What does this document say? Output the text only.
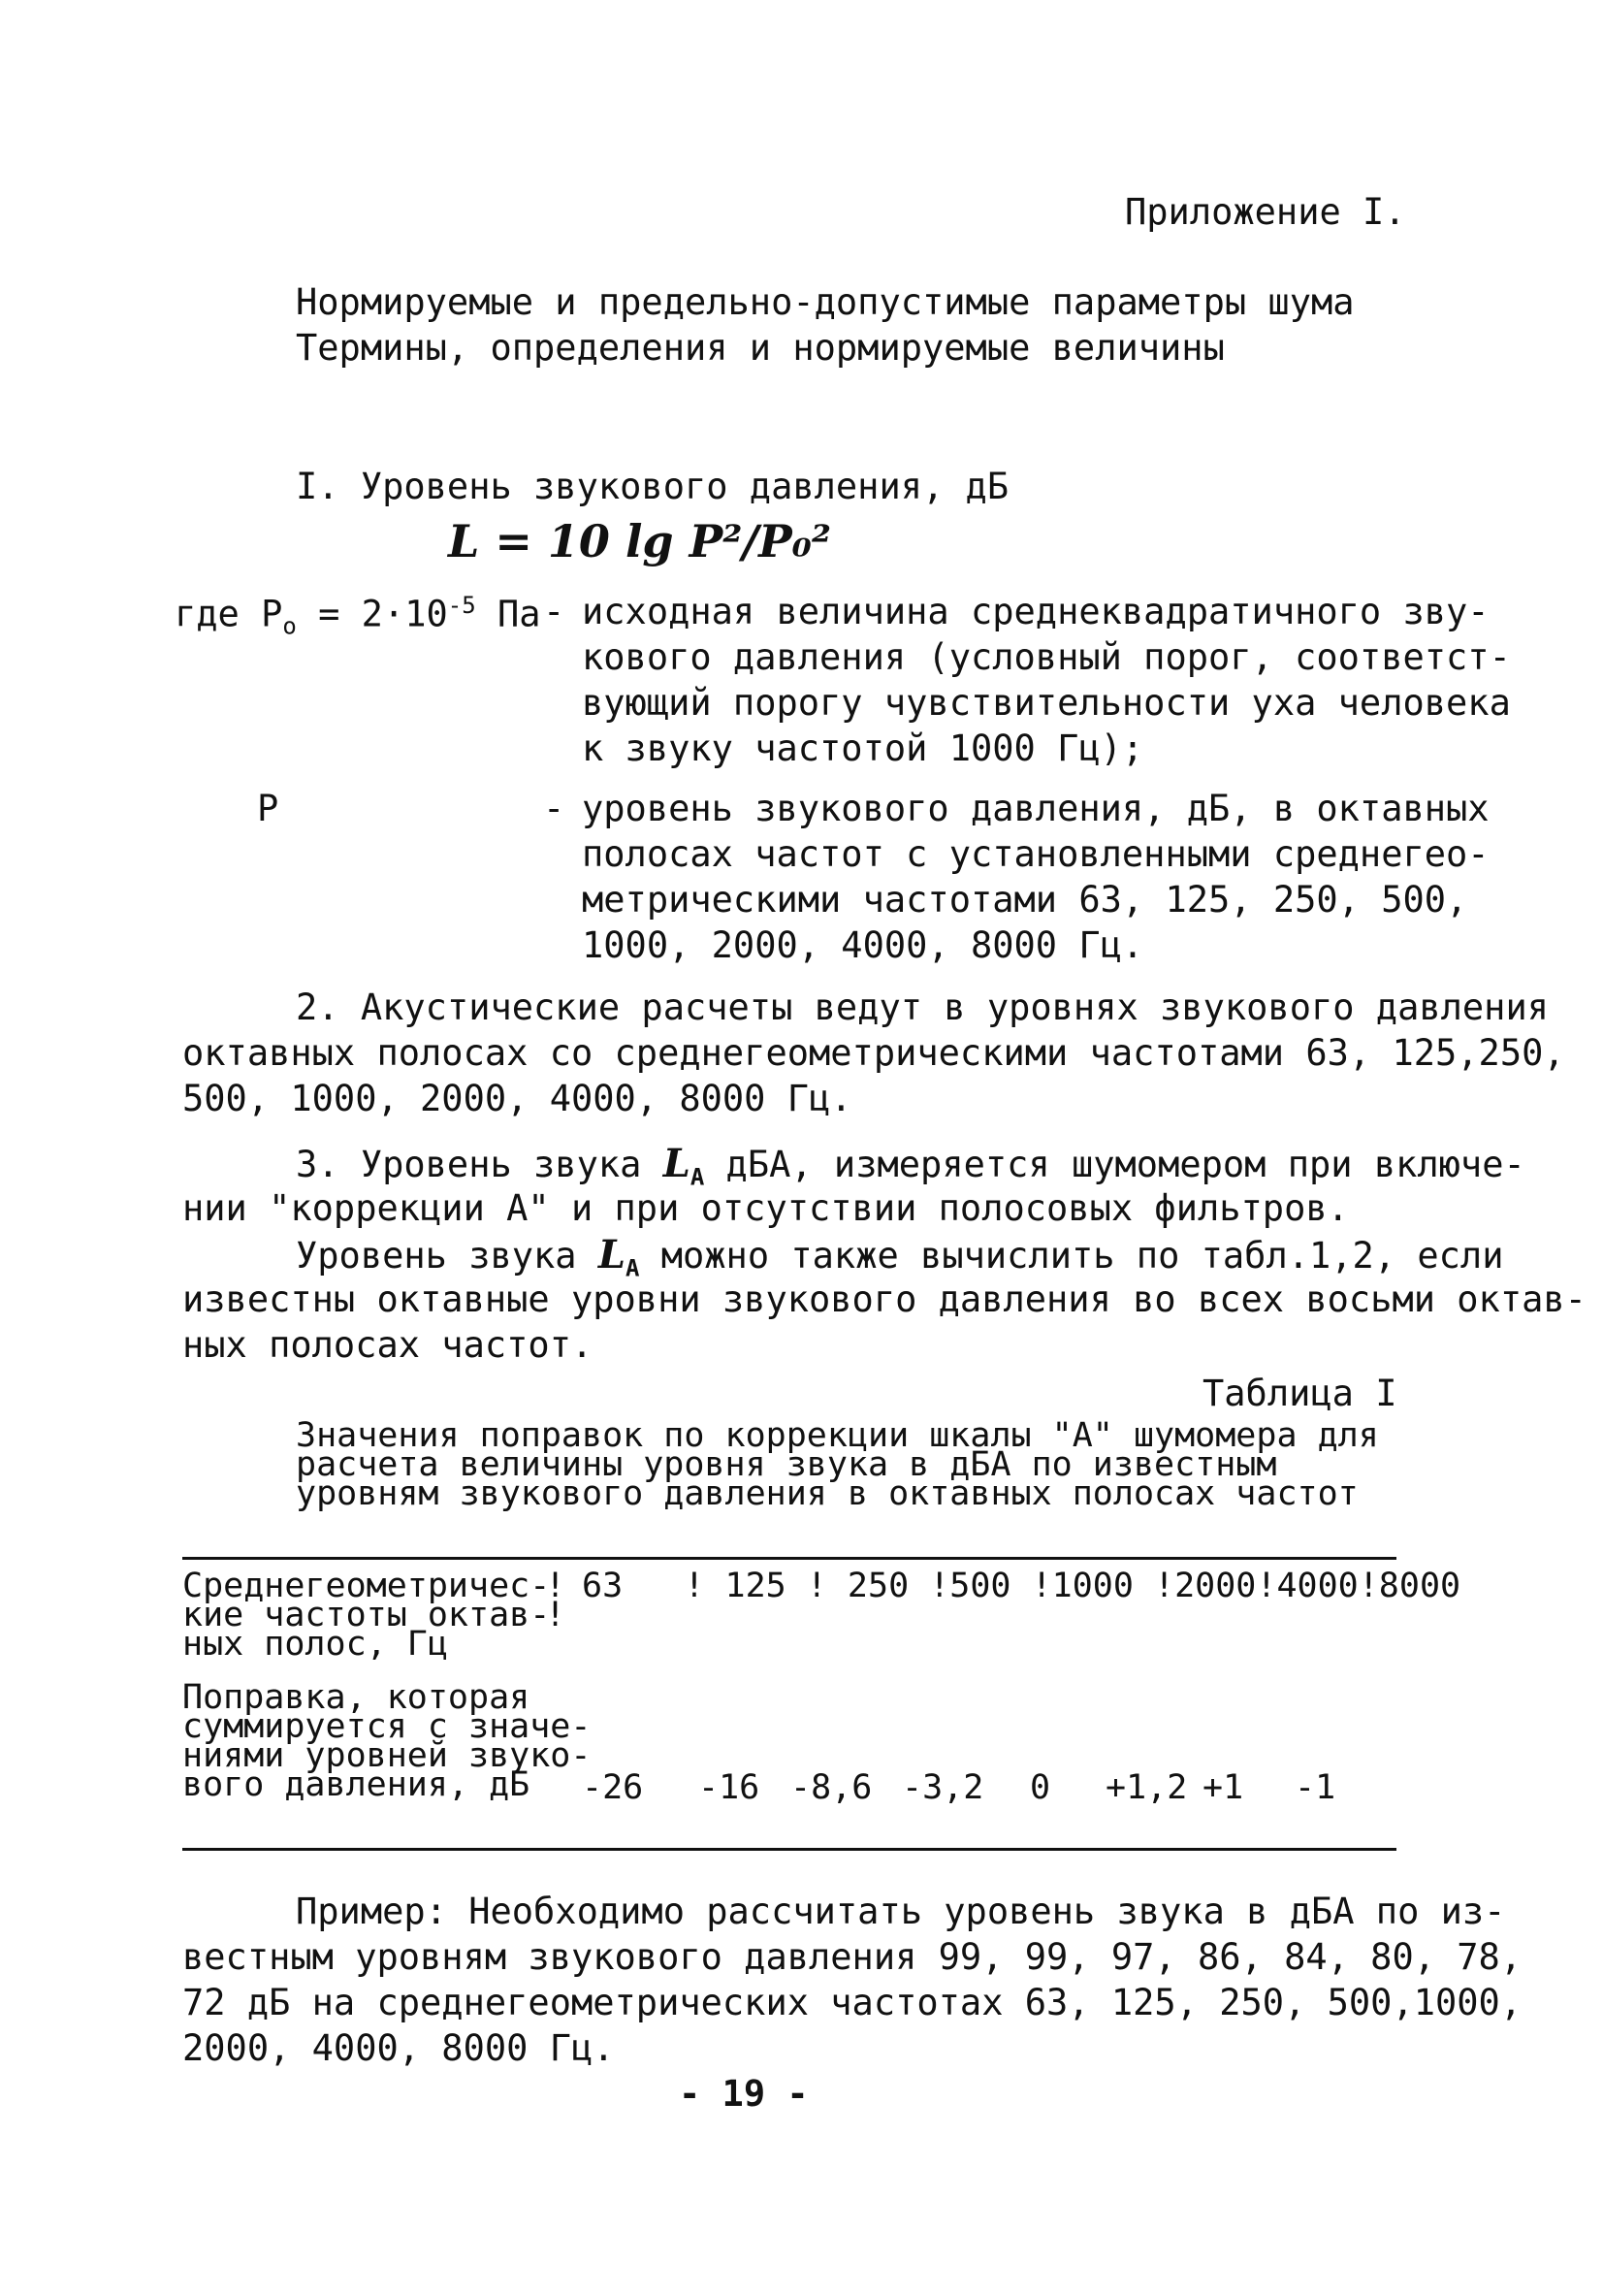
Приложение I.
Нормируемые и предельно-допустимые параметры шума
Термины, определения и нормируемые величины
I. Уровень звукового давления, дБ
L = 10 lg P²/P₀²
где $P_o = 2\cdot 10^{-5}$ Па - исходная величина среднеквадратичного зву-
кового давления (условный порог, соответст-
вующий порогу чувствительности уха человека
к звуку частотой 1000 Гц);
P	- уровень звукового давления, дБ, в октавных
полосах частот с установленными среднегео-
метрическими частотами 63, 125, 250, 500,
1000, 2000, 4000, 8000 Гц.
2. Акустические расчеты ведут в уровнях звукового давления
октавных полосах со среднегеометрическими частотами 63, 125,250,
500, 1000, 2000, 4000, 8000 Гц.
3. Уровень звука $L_A$ дБА, измеряется шумомером при включе-
нии "коррекции А" и при отсутствии полосовых фильтров.
Уровень звука $L_A$ можно также вычислить по табл.1,2, если
известны октавные уровни звукового давления во всех восьми октав-
ных полосах частот.
Таблица I
Значения поправок по коррекции шкалы "А" шумомера для
расчета величины уровня звука в дБА по известным
уровням звукового давления в октавных полосах частот
Среднегеометричес-
кие частоты октав-
ных полос, Гц
!
!
63   ! 125 ! 250 !500 !1000 !2000!4000!8000
Поправка, которая
суммируется с значе-
ниями уровней звуко-
вого давления, дБ -26 -16 -8,6 -3,2 0 +1,2 +1 -1
Пример: Необходимо рассчитать уровень звука в дБА по из-
вестным уровням звукового давления 99, 99, 97, 86, 84, 80, 78,
72 дБ на среднегеометрических частотах 63, 125, 250, 500,1000,
2000, 4000, 8000 Гц.
- 19 -
